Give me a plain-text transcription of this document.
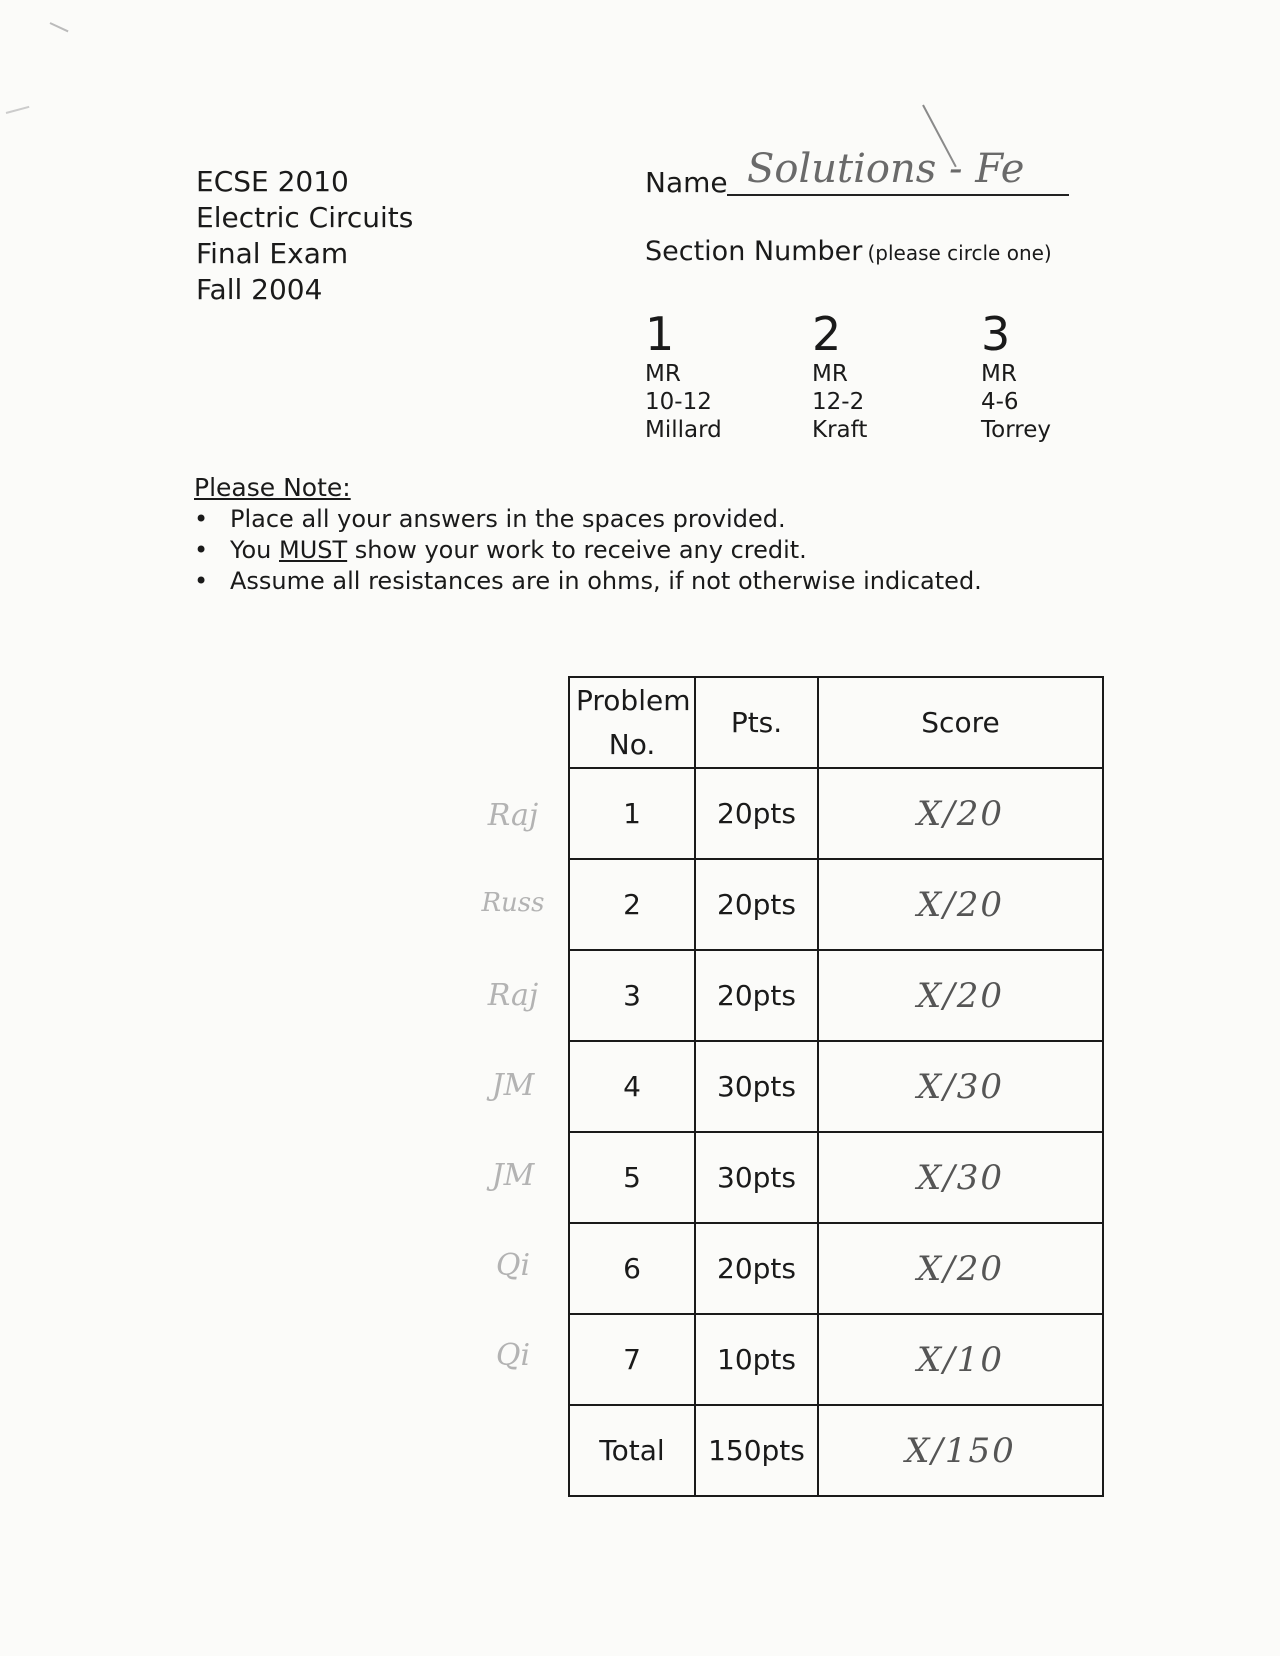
ECSE 2010
Electric Circuits
Final Exam
Fall 2004
Name Solutions - Fe
Section Number (please circle one)
1
MR
10-12
Millard
2
MR
12-2
Kraft
3
MR
4-6
Torrey
Please Note:
• Place all your answers in the spaces provided.
• You MUST show your work to receive any credit.
• Assume all resistances are in ohms, if not otherwise indicated.
Raj
Russ
Raj
JM
JM
Qi
Qi
Problem No.	Pts.	Score
1	20pts	X/20
2	20pts	X/20
3	20pts	X/20
4	30pts	X/30
5	30pts	X/30
6	20pts	X/20
7	10pts	X/10
Total	150pts	X/150
